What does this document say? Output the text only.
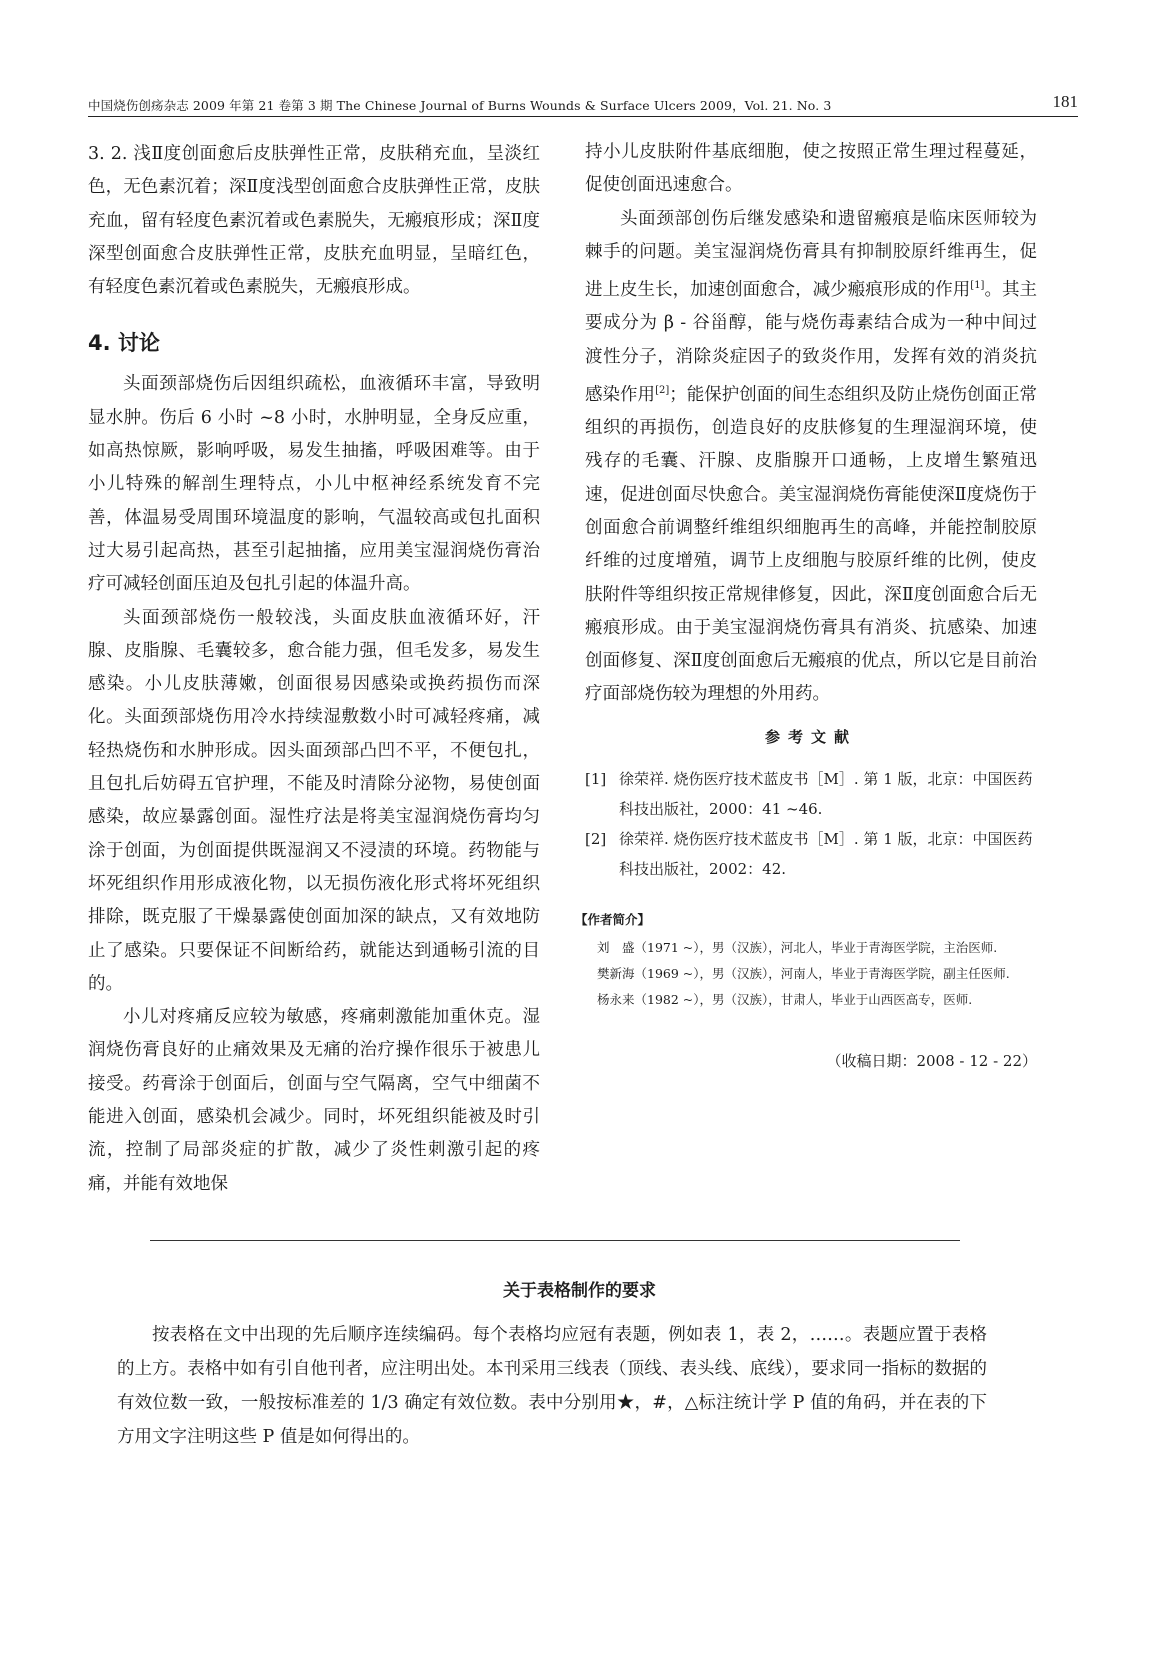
中国烧伤创疡杂志 2009 年第 21 卷第 3 期 The Chinese Journal of Burns Wounds & Surface Ulcers 2009，Vol. 21. No. 3	181

3. 2. 浅Ⅱ度创面愈后皮肤弹性正常，皮肤稍充血，呈淡红色，无色素沉着；深Ⅱ度浅型创面愈合皮肤弹性正常，皮肤充血，留有轻度色素沉着或色素脱失，无瘢痕形成；深Ⅱ度深型创面愈合皮肤弹性正常，皮肤充血明显，呈暗红色，有轻度色素沉着或色素脱失，无瘢痕形成。

4. 讨论

头面颈部烧伤后因组织疏松，血液循环丰富，导致明显水肿。伤后 6 小时 ~8 小时，水肿明显，全身反应重，如高热惊厥，影响呼吸，易发生抽搐，呼吸困难等。由于小儿特殊的解剖生理特点，小儿中枢神经系统发育不完善，体温易受周围环境温度的影响，气温较高或包扎面积过大易引起高热，甚至引起抽搐，应用美宝湿润烧伤膏治疗可减轻创面压迫及包扎引起的体温升高。

头面颈部烧伤一般较浅，头面皮肤血液循环好，汗腺、皮脂腺、毛囊较多，愈合能力强，但毛发多，易发生感染。小儿皮肤薄嫩，创面很易因感染或换药损伤而深化。头面颈部烧伤用冷水持续湿敷数小时可减轻疼痛，减轻热烧伤和水肿形成。因头面颈部凸凹不平，不便包扎，且包扎后妨碍五官护理，不能及时清除分泌物，易使创面感染，故应暴露创面。湿性疗法是将美宝湿润烧伤膏均匀涂于创面，为创面提供既湿润又不浸渍的环境。药物能与坏死组织作用形成液化物，以无损伤液化形式将坏死组织排除，既克服了干燥暴露使创面加深的缺点，又有效地防止了感染。只要保证不间断给药，就能达到通畅引流的目的。

小儿对疼痛反应较为敏感，疼痛刺激能加重休克。湿润烧伤膏良好的止痛效果及无痛的治疗操作很乐于被患儿接受。药膏涂于创面后，创面与空气隔离，空气中细菌不能进入创面，感染机会减少。同时，坏死组织能被及时引流，控制了局部炎症的扩散，减少了炎性刺激引起的疼痛，并能有效地保

持小儿皮肤附件基底细胞，使之按照正常生理过程蔓延，促使创面迅速愈合。

头面颈部创伤后继发感染和遗留瘢痕是临床医师较为棘手的问题。美宝湿润烧伤膏具有抑制胶原纤维再生，促进上皮生长，加速创面愈合，减少瘢痕形成的作用[1]。其主要成分为 β - 谷甾醇，能与烧伤毒素结合成为一种中间过渡性分子，消除炎症因子的致炎作用，发挥有效的消炎抗感染作用[2]；能保护创面的间生态组织及防止烧伤创面正常组织的再损伤，创造良好的皮肤修复的生理湿润环境，使残存的毛囊、汗腺、皮脂腺开口通畅，上皮增生繁殖迅速，促进创面尽快愈合。美宝湿润烧伤膏能使深Ⅱ度烧伤于创面愈合前调整纤维组织细胞再生的高峰，并能控制胶原纤维的过度增殖，调节上皮细胞与胶原纤维的比例，使皮肤附件等组织按正常规律修复，因此，深Ⅱ度创面愈合后无瘢痕形成。由于美宝湿润烧伤膏具有消炎、抗感染、加速创面修复、深Ⅱ度创面愈后无瘢痕的优点，所以它是目前治疗面部烧伤较为理想的外用药。

参考文献

[1] 徐荣祥. 烧伤医疗技术蓝皮书［M］. 第 1 版，北京：中国医药科技出版社，2000：41 ~46.

[2] 徐荣祥. 烧伤医疗技术蓝皮书［M］. 第 1 版，北京：中国医药科技出版社，2002：42.

【作者简介】

刘　盛（1971 ~），男（汉族），河北人，毕业于青海医学院，主治医师.

樊新海（1969 ~），男（汉族），河南人，毕业于青海医学院，副主任医师.

杨永来（1982 ~），男（汉族），甘肃人，毕业于山西医高专，医师.

（收稿日期：2008 - 12 - 22）
关于表格制作的要求

按表格在文中出现的先后顺序连续编码。每个表格均应冠有表题，例如表 1，表 2，……。表题应置于表格的上方。表格中如有引自他刊者，应注明出处。本刊采用三线表（顶线、表头线、底线），要求同一指标的数据的有效位数一致，一般按标准差的 1/3 确定有效位数。表中分别用★，#，△标注统计学 P 值的角码，并在表的下方用文字注明这些 P 值是如何得出的。
